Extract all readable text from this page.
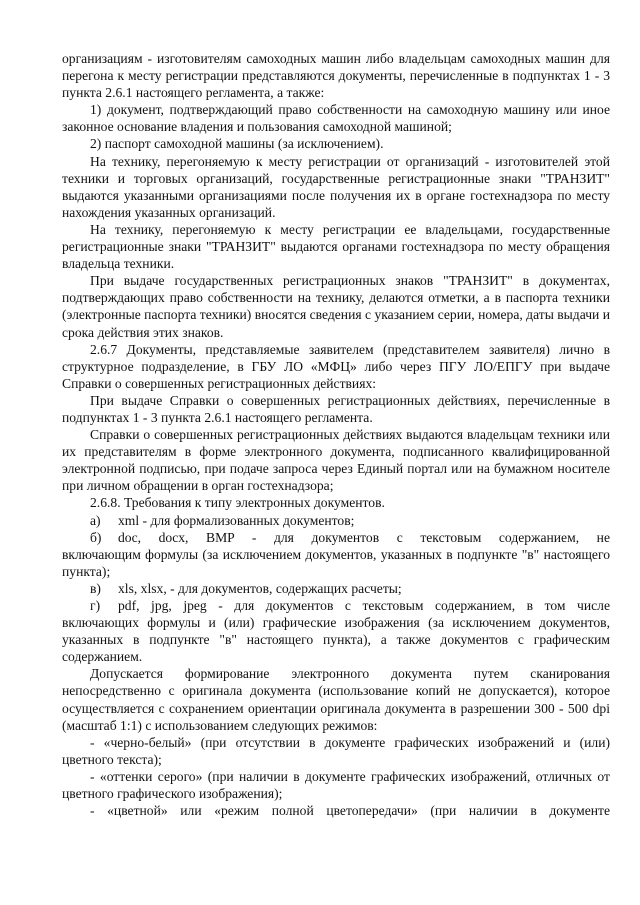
организациям - изготовителям самоходных машин либо владельцам самоходных машин для перегона к месту регистрации представляются документы, перечисленные в подпунктах 1 - 3 пункта 2.6.1 настоящего регламента, а также:

1) документ, подтверждающий право собственности на самоходную машину или иное законное основание владения и пользования самоходной машиной;

2) паспорт самоходной машины (за исключением).

На технику, перегоняемую к месту регистрации от организаций - изготовителей этой техники и торговых организаций, государственные регистрационные знаки "ТРАНЗИТ" выдаются указанными организациями после получения их в органе гостехнадзора по месту нахождения указанных организаций.

На технику, перегоняемую к месту регистрации ее владельцами, государственные регистрационные знаки "ТРАНЗИТ" выдаются органами гостехнадзора по месту обращения владельца техники.

При выдаче государственных регистрационных знаков "ТРАНЗИТ" в документах, подтверждающих право собственности на технику, делаются отметки, а в паспорта техники (электронные паспорта техники) вносятся сведения с указанием серии, номера, даты выдачи и срока действия этих знаков.

2.6.7 Документы, представляемые заявителем (представителем заявителя) лично в структурное подразделение, в ГБУ ЛО «МФЦ» либо через ПГУ ЛО/ЕПГУ при выдаче Справки о совершенных регистрационных действиях:

При выдаче Справки о совершенных регистрационных действиях, перечисленные в подпунктах 1 - 3 пункта 2.6.1 настоящего регламента.

Справки о совершенных регистрационных действиях выдаются владельцам техники или их представителям в форме электронного документа, подписанного квалифицированной электронной подписью, при подаче запроса через Единый портал или на бумажном носителе при личном обращении в орган гостехнадзора;

2.6.8. Требования к типу электронных документов.

а)	xml - для формализованных документов;
б)	doc, docx, BMP - для документов с текстовым содержанием, не
включающим формулы (за исключением документов, указанных в подпункте "в" настоящего пункта);
в)	xls, xlsx, - для документов, содержащих расчеты;
г)	pdf, jpg, jpeg - для документов с текстовым содержанием, в том числе
включающих формулы и (или) графические изображения (за исключением документов, указанных в подпункте "в" настоящего пункта), а также документов с графическим содержанием.

Допускается формирование электронного документа путем сканирования непосредственно с оригинала документа (использование копий не допускается), которое осуществляется с сохранением ориентации оригинала документа в разрешении 300 - 500 dpi (масштаб 1:1) с использованием следующих режимов:

- «черно-белый» (при отсутствии в документе графических изображений и (или) цветного текста);

- «оттенки серого» (при наличии в документе графических изображений, отличных от цветного графического изображения);

- «цветной» или «режим полной цветопередачи» (при наличии в документе
